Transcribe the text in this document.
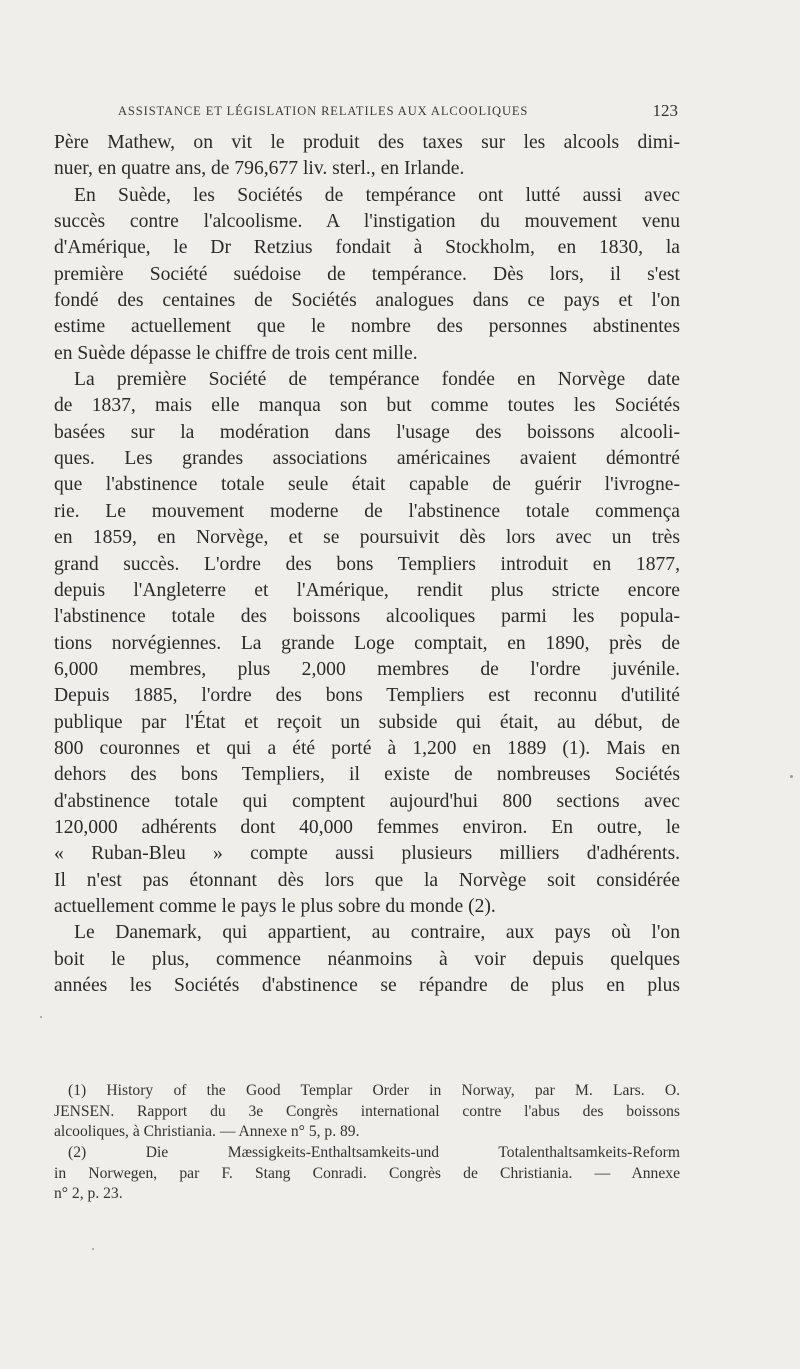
ASSISTANCE ET LÉGISLATION RELATILES AUX ALCOOLIQUES	123
Père Mathew, on vit le produit des taxes sur les alcools dimi-
nuer, en quatre ans, de 796,677 liv. sterl., en Irlande.
En Suède, les Sociétés de tempérance ont lutté aussi avec
succès contre l'alcoolisme. A l'instigation du mouvement venu
d'Amérique, le Dr Retzius fondait à Stockholm, en 1830, la
première Société suédoise de tempérance. Dès lors, il s'est
fondé des centaines de Sociétés analogues dans ce pays et l'on
estime actuellement que le nombre des personnes abstinentes
en Suède dépasse le chiffre de trois cent mille.
La première Société de tempérance fondée en Norvège date
de 1837, mais elle manqua son but comme toutes les Sociétés
basées sur la modération dans l'usage des boissons alcooli-
ques. Les grandes associations américaines avaient démontré
que l'abstinence totale seule était capable de guérir l'ivrogne-
rie. Le mouvement moderne de l'abstinence totale commença
en 1859, en Norvège, et se poursuivit dès lors avec un très
grand succès. L'ordre des bons Templiers introduit en 1877,
depuis l'Angleterre et l'Amérique, rendit plus stricte encore
l'abstinence totale des boissons alcooliques parmi les popula-
tions norvégiennes. La grande Loge comptait, en 1890, près de
6,000 membres, plus 2,000 membres de l'ordre juvénile.
Depuis 1885, l'ordre des bons Templiers est reconnu d'utilité
publique par l'État et reçoit un subside qui était, au début, de
800 couronnes et qui a été porté à 1,200 en 1889 (1). Mais en
dehors des bons Templiers, il existe de nombreuses Sociétés
d'abstinence totale qui comptent aujourd'hui 800 sections avec
120,000 adhérents dont 40,000 femmes environ. En outre, le
« Ruban-Bleu » compte aussi plusieurs milliers d'adhérents.
Il n'est pas étonnant dès lors que la Norvège soit considérée
actuellement comme le pays le plus sobre du monde (2).
Le Danemark, qui appartient, au contraire, aux pays où l'on
boit le plus, commence néanmoins à voir depuis quelques
années les Sociétés d'abstinence se répandre de plus en plus
(1) History of the Good Templar Order in Norway, par M. Lars. O.
JENSEN. Rapport du 3e Congrès international contre l'abus des boissons
alcooliques, à Christiania. — Annexe n° 5, p. 89.
(2) Die Mæssigkeits-Enthaltsamkeits-und Totalenthaltsamkeits-Reform
in Norwegen, par F. Stang Conradi. Congrès de Christiania. — Annexe
n° 2, p. 23.
